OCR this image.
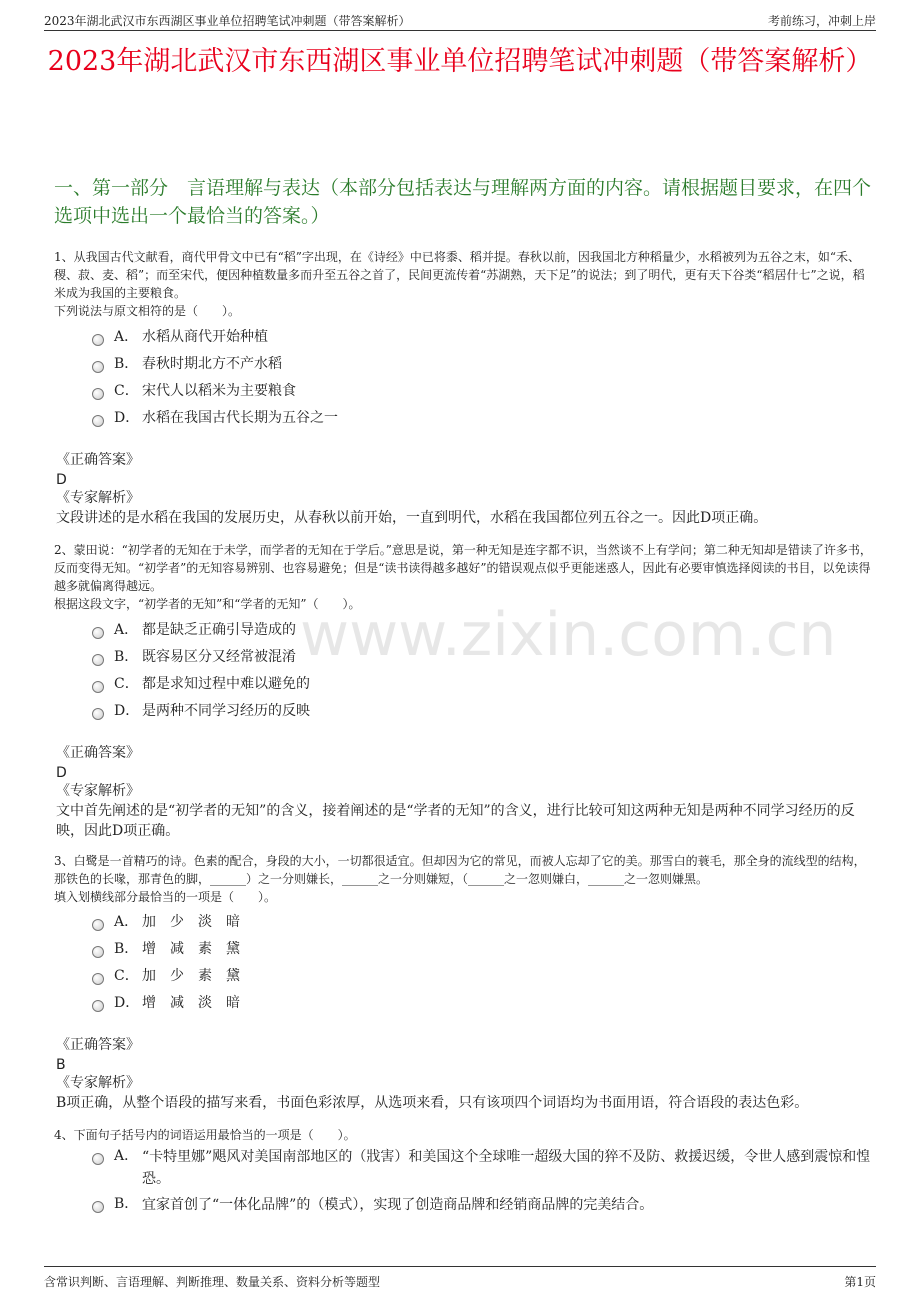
2023年湖北武汉市东西湖区事业单位招聘笔试冲刺题（带答案解析）	考前练习，冲刺上岸
2023年湖北武汉市东西湖区事业单位招聘笔试冲刺题（带答案解析）
一、第一部分　言语理解与表达（本部分包括表达与理解两方面的内容。请根据题目要求，在四个选项中选出一个最恰当的答案。）
www.zixin.com.cn

1、从我国古代文献看，商代甲骨文中已有“稻”字出现，在《诗经》中已将黍、稻并提。春秋以前，因我国北方种稻量少，水稻被列为五谷之末，如“禾、稷、菽、麦、稻”；而至宋代，便因种植数量多而升至五谷之首了，民间更流传着“苏湖熟，天下足”的说法；到了明代，更有天下谷类“稻居什七”之说，稻米成为我国的主要粮食。

下列说法与原文相符的是（　　）。

A． 水稻从商代开始种植
B． 春秋时期北方不产水稻
C． 宋代人以稻米为主要粮食
D． 水稻在我国古代长期为五谷之一
《正确答案》
D
《专家解析》
文段讲述的是水稻在我国的发展历史，从春秋以前开始，一直到明代，水稻在我国都位列五谷之一。因此D项正确。

2、蒙田说：“初学者的无知在于未学，而学者的无知在于学后。”意思是说，第一种无知是连字都不识，当然谈不上有学问；第二种无知却是错读了许多书，反而变得无知。“初学者”的无知容易辨别、也容易避免；但是“读书读得越多越好”的错误观点似乎更能迷惑人，因此有必要审慎选择阅读的书目，以免读得越多就偏离得越远。

根据这段文字，“初学者的无知”和“学者的无知”（　　）。

A． 都是缺乏正确引导造成的
B． 既容易区分又经常被混淆
C． 都是求知过程中难以避免的
D． 是两种不同学习经历的反映
《正确答案》
D
《专家解析》
文中首先阐述的是“初学者的无知”的含义，接着阐述的是“学者的无知”的含义，进行比较可知这两种无知是两种不同学习经历的反映，因此D项正确。

3、白鹭是一首精巧的诗。色素的配合，身段的大小，一切都很适宜。但却因为它的常见，而被人忘却了它的美。那雪白的蓑毛，那全身的流线型的结构，那铁色的长喙，那青色的脚，______）之一分则嫌长，______之一分则嫌短，（______之一忽则嫌白，______之一忽则嫌黑。

填入划横线部分最恰当的一项是（　　）。

A． 加　少　淡　暗
B． 增　减　素　黛
C． 加　少　素　黛
D． 增　减　淡　暗
《正确答案》
B
《专家解析》
B项正确，从整个语段的描写来看，书面色彩浓厚，从选项来看，只有该项四个词语均为书面用语，符合语段的表达色彩。

4、下面句子括号内的词语运用最恰当的一项是（　　）。

A． “卡特里娜”飓风对美国南部地区的（戕害）和美国这个全球唯一超级大国的猝不及防、救援迟缓，令世人感到震惊和惶恐。
B． 宜家首创了“一体化品牌”的（模式），实现了创造商品牌和经销商品牌的完美结合。
含常识判断、言语理解、判断推理、数量关系、资料分析等题型	第1页
